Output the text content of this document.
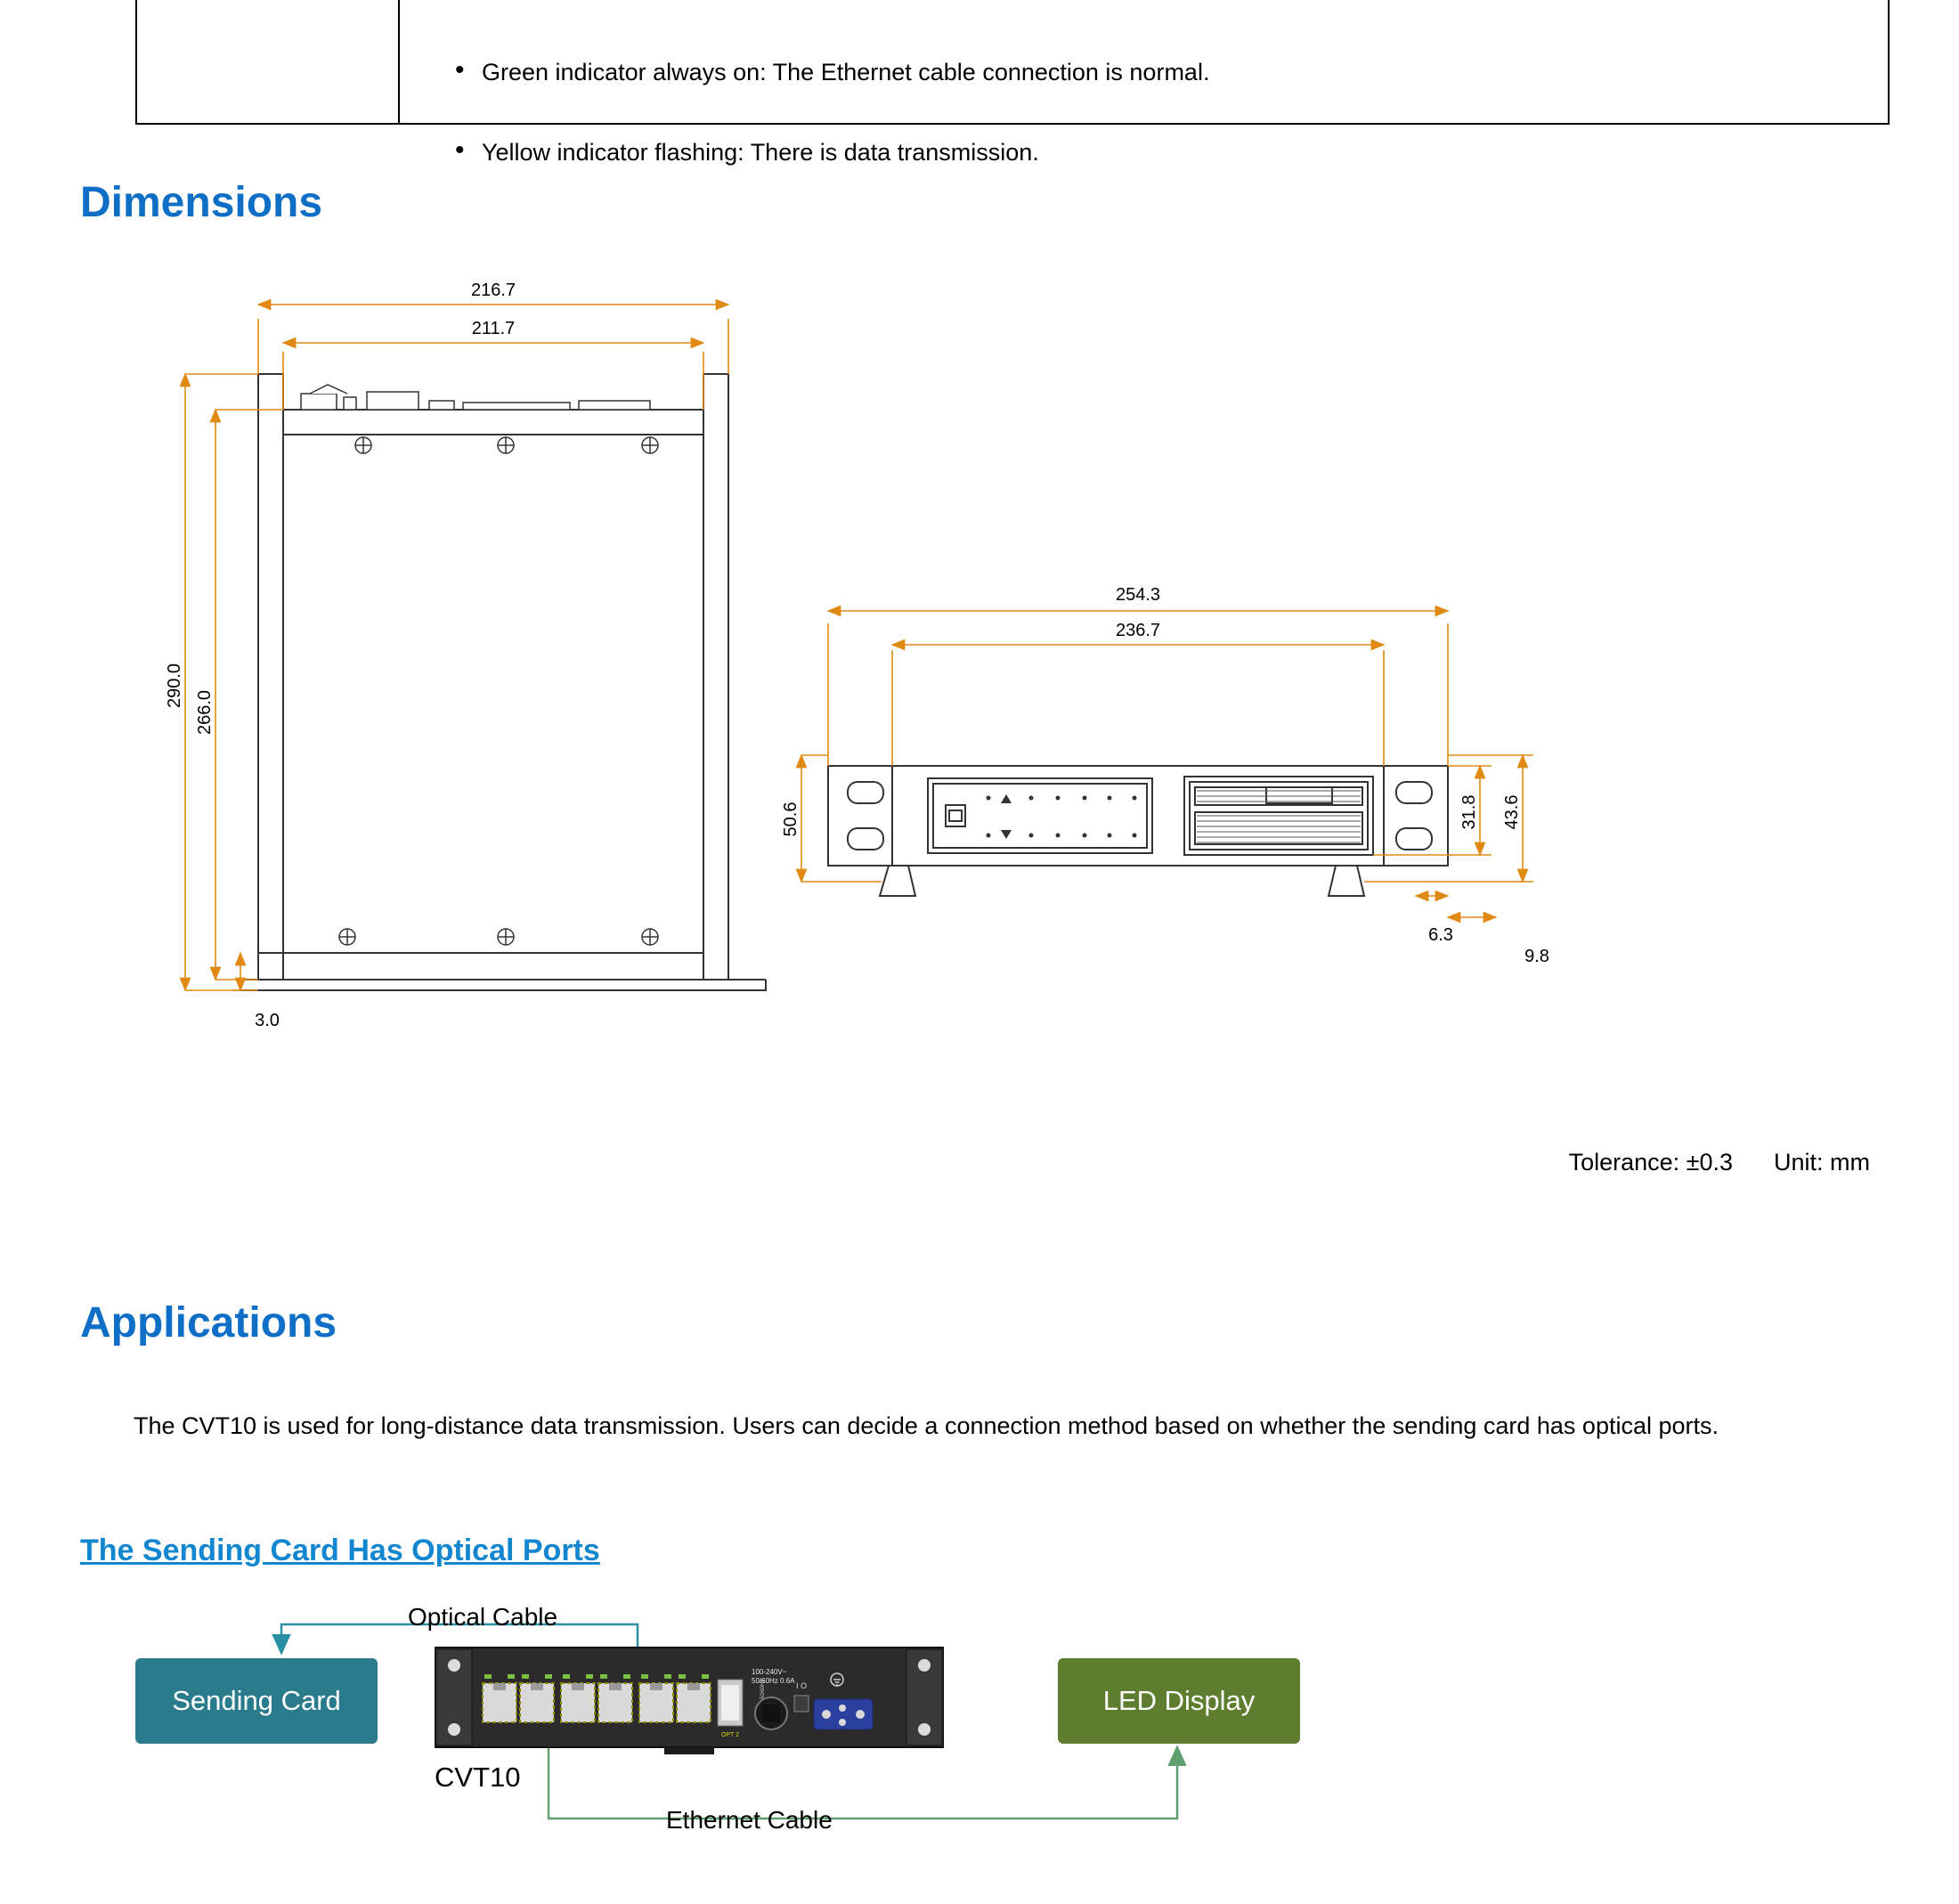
• Green indicator always on: The Ethernet cable connection is normal.
• Yellow indicator flashing: There is data transmission.
Dimensions
216.7
211.7
290.0
266.0
3.0
254.3
236.7
50.6	31.8 43.6
6.3
9.8
Tolerance: ±0.3 Unit: mm
Applications
The CVT10 is used for long-distance data transmission. Users can decide a connection method based on whether the sending card has optical ports.
The Sending Card Has Optical Ports
Sending Card	LED Display
Optical Cable
CVT10
Ethernet Cable
OPT 2
100-240V~
50/60Hz 0.6A
50/60Hz	I O
